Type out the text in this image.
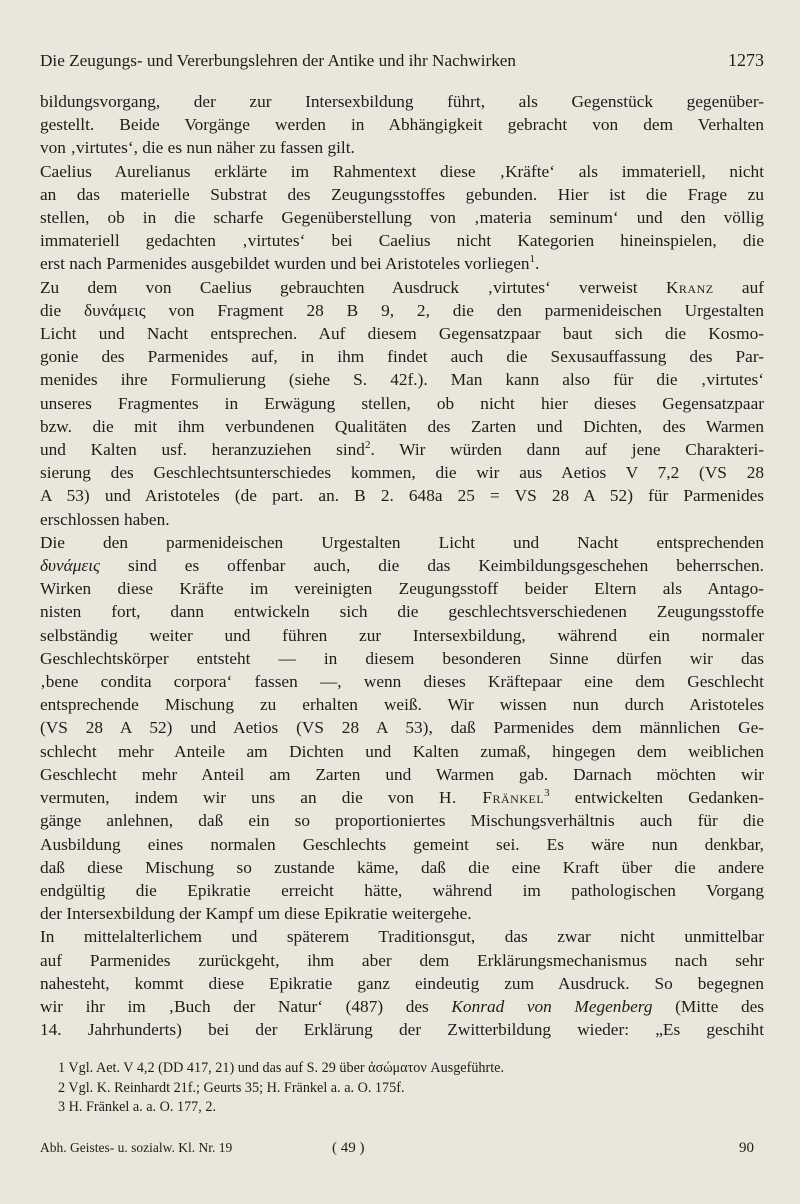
Die Zeugungs- und Vererbungslehren der Antike und ihr Nachwirken	1273
bildungsvorgang, der zur Intersexbildung führt, als Gegenstück gegenüber-
gestellt. Beide Vorgänge werden in Abhängigkeit gebracht von dem Verhalten
von ‚virtutes‘, die es nun näher zu fassen gilt.
Caelius Aurelianus erklärte im Rahmentext diese ‚Kräfte‘ als immateriell, nicht
an das materielle Substrat des Zeugungsstoffes gebunden. Hier ist die Frage zu
stellen, ob in die scharfe Gegenüberstellung von ‚materia seminum‘ und den völlig
immateriell gedachten ‚virtutes‘ bei Caelius nicht Kategorien hineinspielen, die
erst nach Parmenides ausgebildet wurden und bei Aristoteles vorliegen$^1$.
Zu dem von Caelius gebrauchten Ausdruck ‚virtutes‘ verweist Kranz auf
die δυνάμεις von Fragment 28 B 9, 2, die den parmenideischen Urgestalten
Licht und Nacht entsprechen. Auf diesem Gegensatzpaar baut sich die Kosmo-
gonie des Parmenides auf, in ihm findet auch die Sexusauffassung des Par-
menides ihre Formulierung (siehe S. 42f.). Man kann also für die ‚virtutes‘
unseres Fragmentes in Erwägung stellen, ob nicht hier dieses Gegensatzpaar
bzw. die mit ihm verbundenen Qualitäten des Zarten und Dichten, des Warmen
und Kalten usf. heranzuziehen sind$^2$. Wir würden dann auf jene Charakteri-
sierung des Geschlechtsunterschiedes kommen, die wir aus Aetios V 7,2 (VS 28
A 53) und Aristoteles (de part. an. B 2. 648a 25 = VS 28 A 52) für Parmenides
erschlossen haben.
Die den parmenideischen Urgestalten Licht und Nacht entsprechenden
δυνάμεις sind es offenbar auch, die das Keimbildungsgeschehen beherrschen.
Wirken diese Kräfte im vereinigten Zeugungsstoff beider Eltern als Antago-
nisten fort, dann entwickeln sich die geschlechtsverschiedenen Zeugungsstoffe
selbständig weiter und führen zur Intersexbildung, während ein normaler
Geschlechtskörper entsteht — in diesem besonderen Sinne dürfen wir das
‚bene condita corpora‘ fassen —, wenn dieses Kräftepaar eine dem Geschlecht
entsprechende Mischung zu erhalten weiß. Wir wissen nun durch Aristoteles
(VS 28 A 52) und Aetios (VS 28 A 53), daß Parmenides dem männlichen Ge-
schlecht mehr Anteile am Dichten und Kalten zumaß, hingegen dem weiblichen
Geschlecht mehr Anteil am Zarten und Warmen gab. Darnach möchten wir
vermuten, indem wir uns an die von H. Fränkel$^3$ entwickelten Gedanken-
gänge anlehnen, daß ein so proportioniertes Mischungsverhältnis auch für die
Ausbildung eines normalen Geschlechts gemeint sei. Es wäre nun denkbar,
daß diese Mischung so zustande käme, daß die eine Kraft über die andere
endgültig die Epikratie erreicht hätte, während im pathologischen Vorgang
der Intersexbildung der Kampf um diese Epikratie weitergehe.
In mittelalterlichem und späterem Traditionsgut, das zwar nicht unmittelbar
auf Parmenides zurückgeht, ihm aber dem Erklärungsmechanismus nach sehr
nahesteht, kommt diese Epikratie ganz eindeutig zum Ausdruck. So begegnen
wir ihr im ‚Buch der Natur‘ (487) des Konrad von Megenberg (Mitte des
14. Jahrhunderts) bei der Erklärung der Zwitterbildung wieder: „Es geschiht
1 Vgl. Aet. V 4,2 (DD 417, 21) und das auf S. 29 über ἀσώματον Ausgeführte.
2 Vgl. K. Reinhardt 21f.; Geurts 35; H. Fränkel a. a. O. 175f.
3 H. Fränkel a. a. O. 177, 2.
Abh. Geistes- u. sozialw. Kl. Nr. 19	( 49 )	90
